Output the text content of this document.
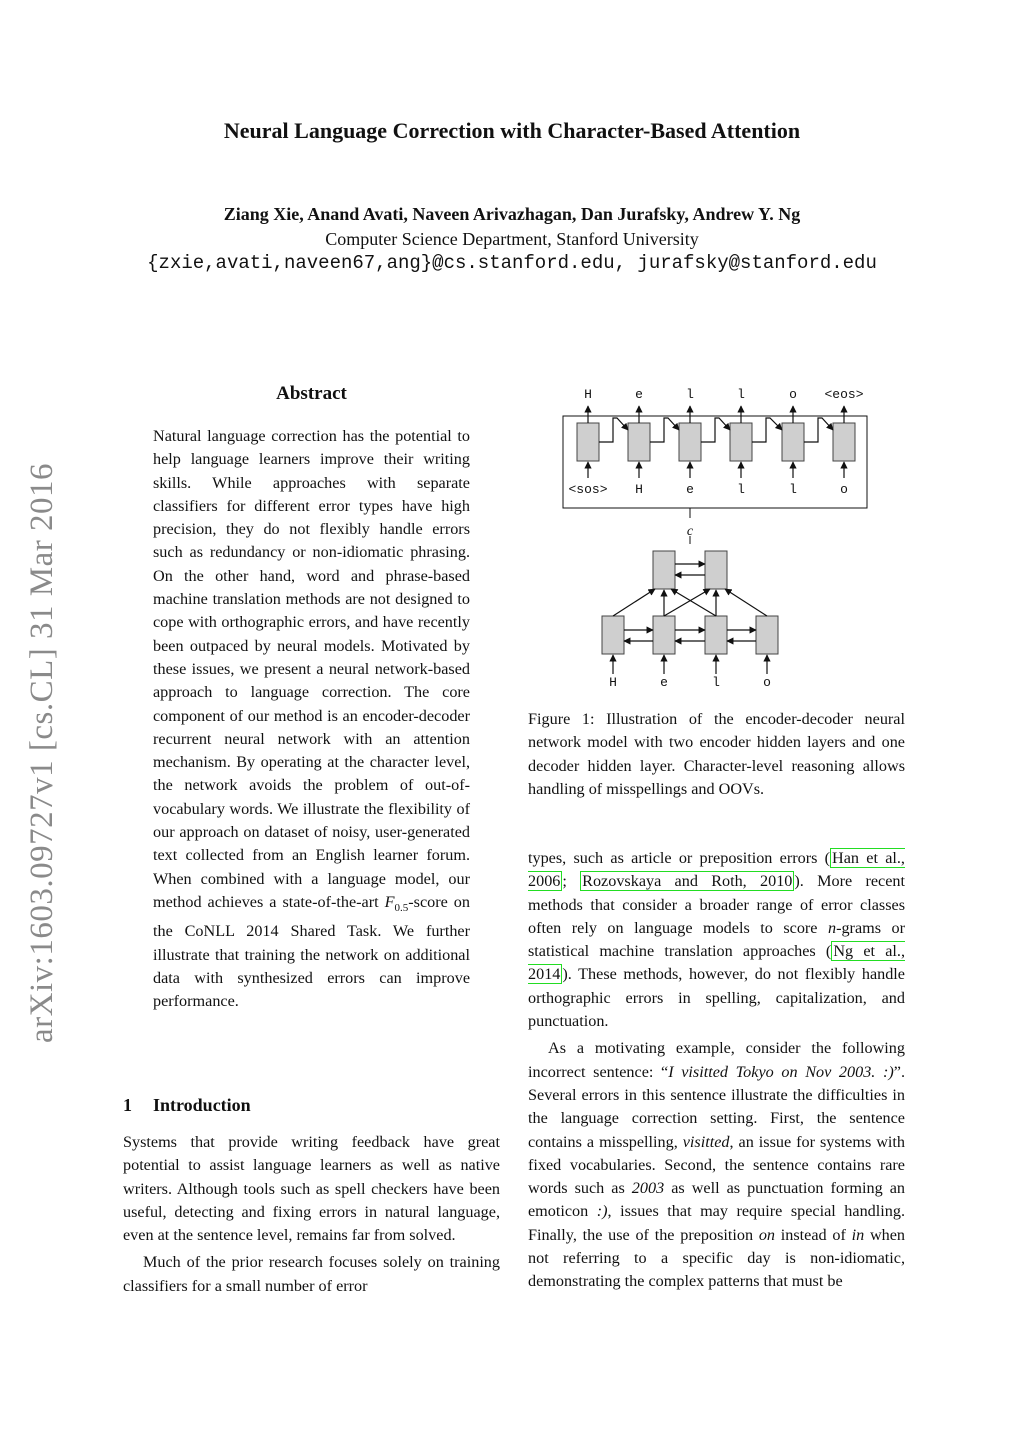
arXiv:1603.09727v1 [cs.CL] 31 Mar 2016
Neural Language Correction with Character-Based Attention
Ziang Xie, Anand Avati, Naveen Arivazhagan, Dan Jurafsky, Andrew Y. Ng
Computer Science Department, Stanford University
{zxie,avati,naveen67,ang}@cs.stanford.edu, jurafsky@stanford.edu
Abstract
Natural language correction has the potential to help language learners improve their writing skills. While approaches with separate classifiers for different error types have high precision, they do not flexibly handle errors such as redundancy or non-idiomatic phrasing. On the other hand, word and phrase-based machine translation methods are not designed to cope with orthographic errors, and have recently been outpaced by neural models. Motivated by these issues, we present a neural network-based approach to language correction. The core component of our method is an encoder-decoder recurrent neural network with an attention mechanism. By operating at the character level, the network avoids the problem of out-of-vocabulary words. We illustrate the flexibility of our approach on dataset of noisy, user-generated text collected from an English learner forum. When combined with a language model, our method achieves a state-of-the-art $F_{0.5}$-score on the CoNLL 2014 Shared Task. We further illustrate that training the network on additional data with synthesized errors can improve performance.
1 Introduction

Systems that provide writing feedback have great potential to assist language learners as well as native writers. Although tools such as spell checkers have been useful, detecting and fixing errors in natural language, even at the sentence level, remains far from solved.

Much of the prior research focuses solely on training classifiers for a small number of error

H	e	l	l	o <eos>
<sos> H	e	l	l	o
c
H	e	l	o
Figure 1: Illustration of the encoder-decoder neural network model with two encoder hidden layers and one decoder hidden layer. Character-level reasoning allows handling of misspellings and OOVs.

types, such as article or preposition errors ( Han et al., 2006 ; Rozovskaya and Roth, 2010 ). More recent methods that consider a broader range of error classes often rely on language models to score n-grams or statistical machine translation approaches ( Ng et al., 2014 ). These methods, however, do not flexibly handle orthographic errors in spelling, capitalization, and punctuation.

As a motivating example, consider the following incorrect sentence: “I visitted Tokyo on Nov 2003. :)”. Several errors in this sentence illustrate the difficulties in the language correction setting. First, the sentence contains a misspelling, visitted, an issue for systems with fixed vocabularies. Second, the sentence contains rare words such as 2003 as well as punctuation forming an emoticon :), issues that may require special handling. Finally, the use of the preposition on instead of in when not referring to a specific day is non-idiomatic, demonstrating the complex patterns that must be
